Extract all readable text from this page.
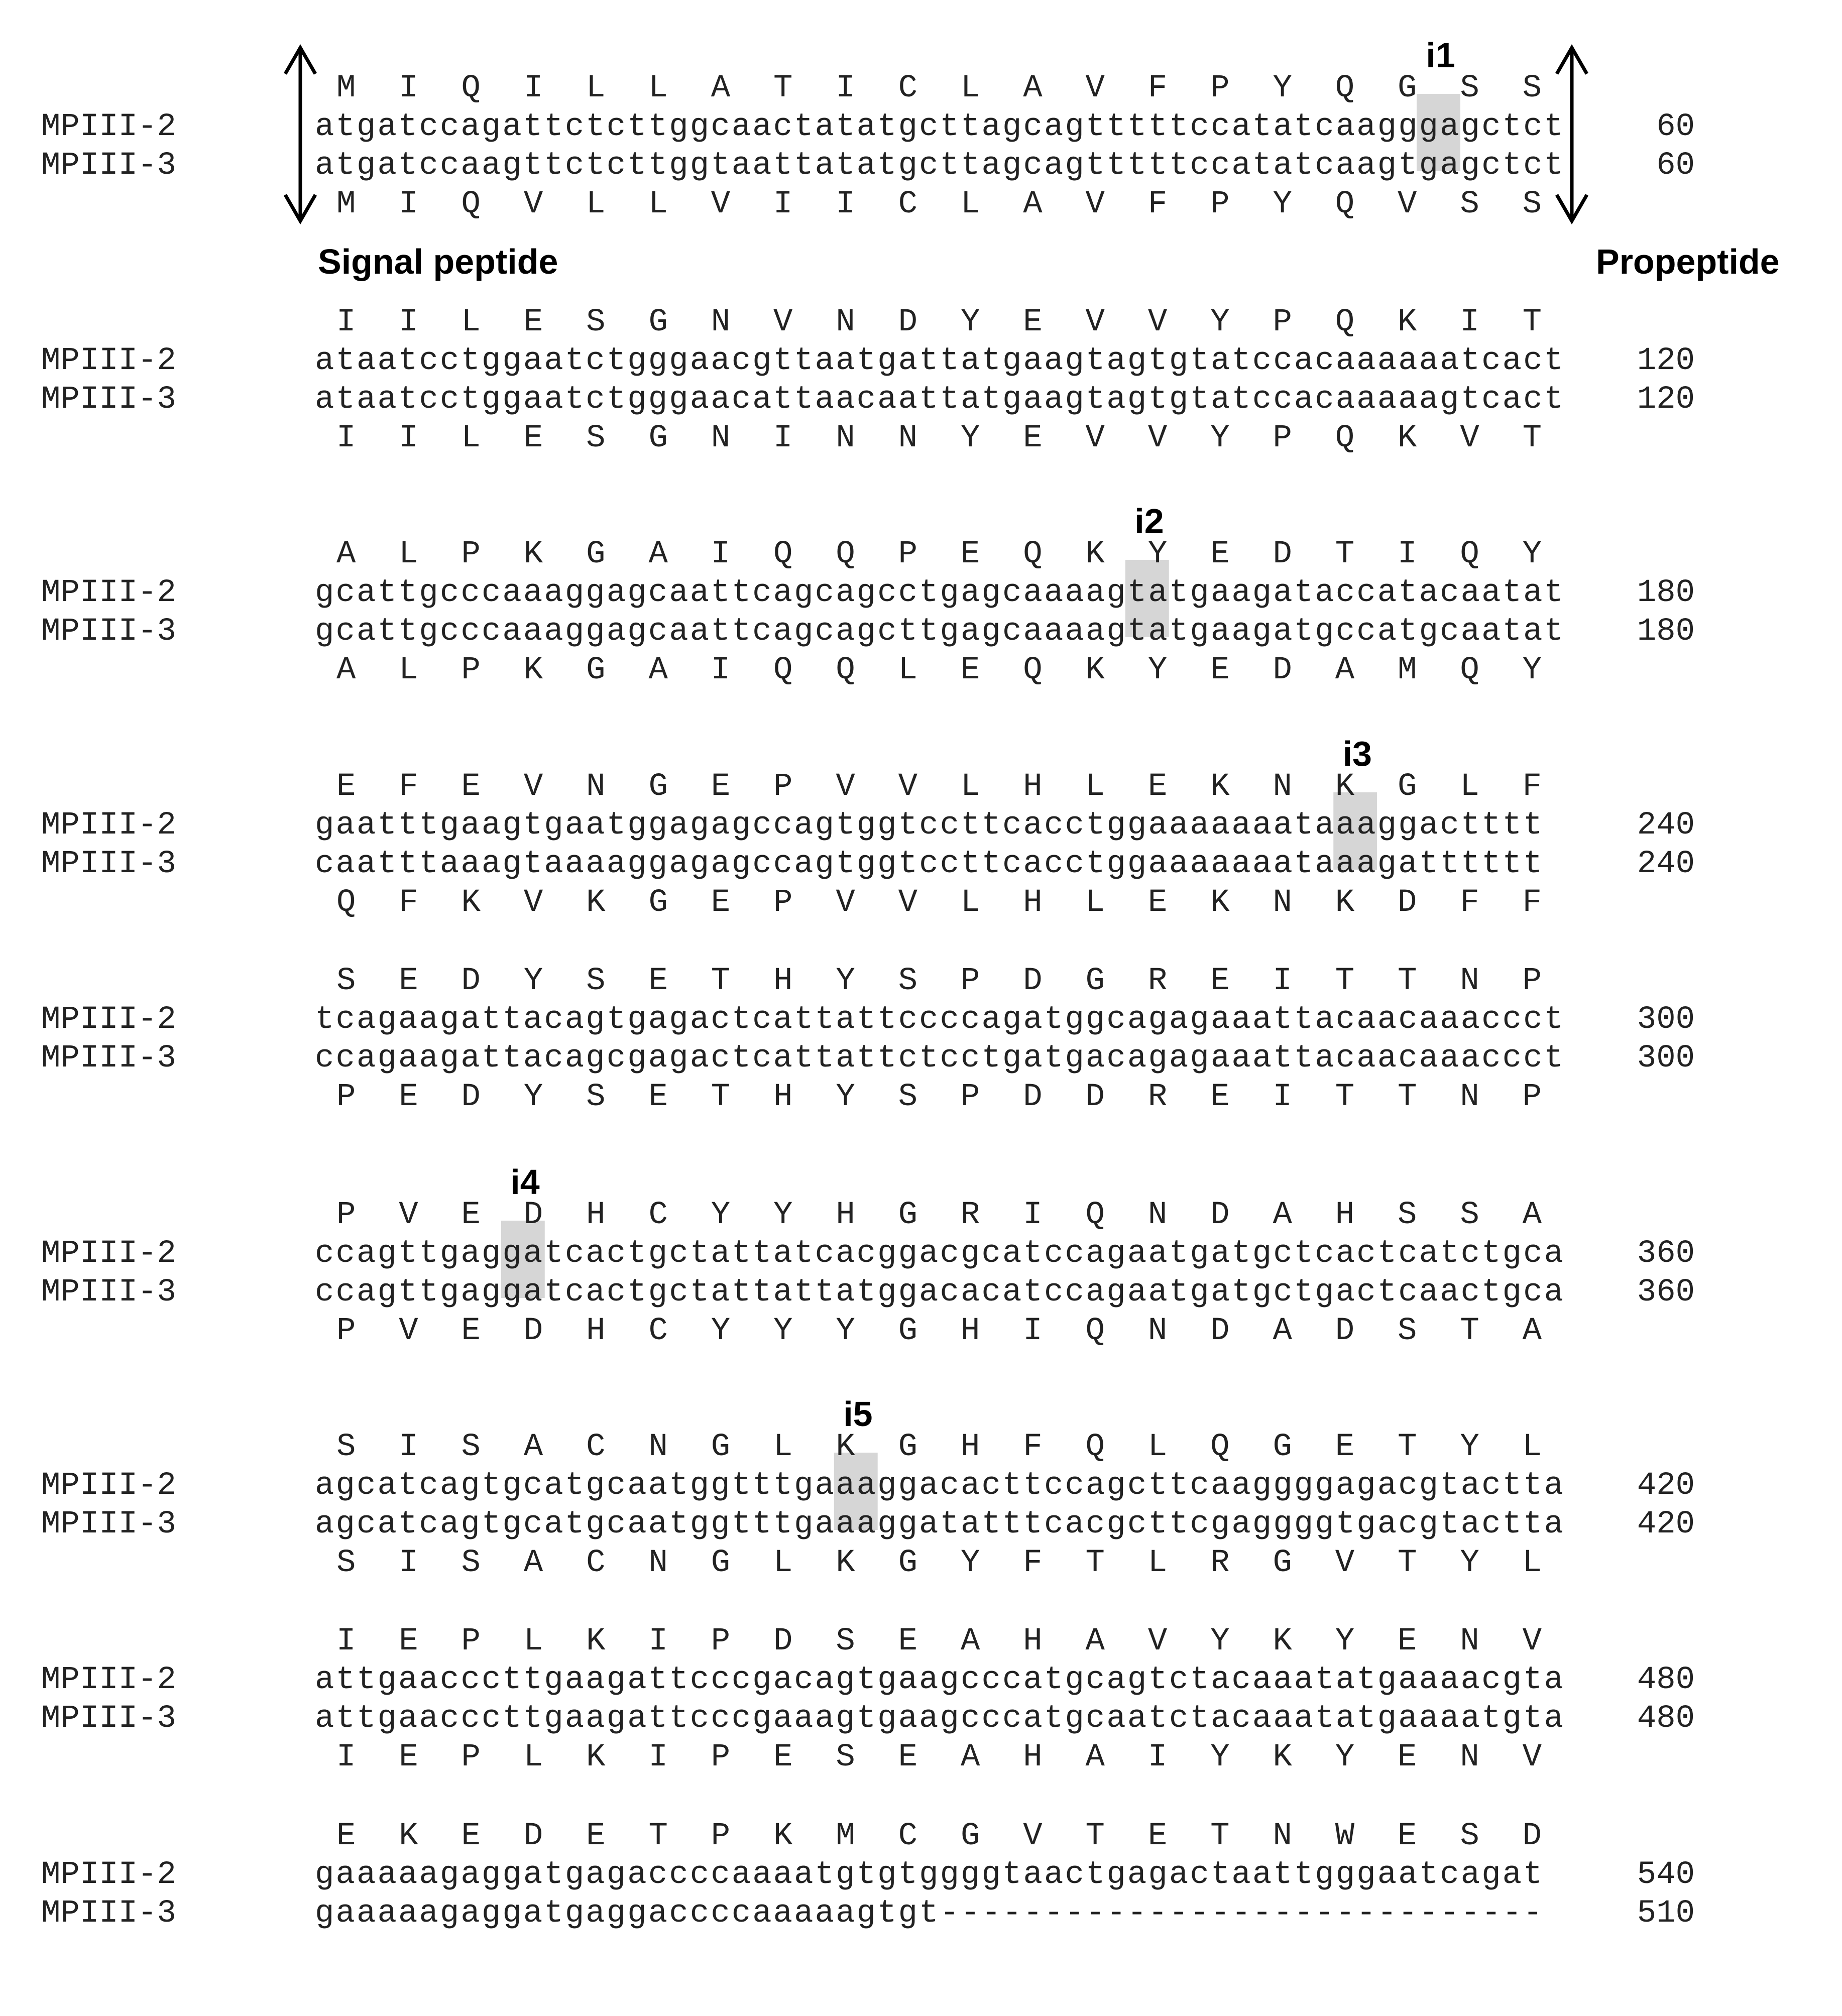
i1
M I Q I L L A T I C L A V F P Y Q G S S
M I Q V L L V I I C L A V F P Y Q V S S
MPIII-2	atgatccagattctcttggcaactatatgcttagcagtttttccatatcaagggagctct	60
MPIII-3	atgatccaagttctcttggtaattatatgcttagcagtttttccatatcaagtgagctct	60
I I L E S G N V N D Y E V V Y P Q K I T
I I L E S G N I N N Y E V V Y P Q K V T
MPIII-2	ataatcctggaatctgggaacgttaatgattatgaagtagtgtatccacaaaaaatcact 120
MPIII-3	ataatcctggaatctgggaacattaacaattatgaagtagtgtatccacaaaaagtcact 120
i2
A L P K G A I Q Q P E Q K Y E D T I Q Y
A L P K G A I Q Q L E Q K Y E D A M Q Y
MPIII-2	gcattgcccaaaggagcaattcagcagcctgagcaaaagtatgaagataccatacaatat 180
MPIII-3	gcattgcccaaaggagcaattcagcagcttgagcaaaagtatgaagatgccatgcaatat 180
i3
E F E V N G E P V V L H L E K N K G L F
Q F K V K G E P V V L H L E K N K D F F
MPIII-2	gaatttgaagtgaatggagagccagtggtccttcacctggaaaaaaataaaggactttt	240
MPIII-3	caatttaaagtaaaaggagagccagtggtccttcacctggaaaaaaataaagatttttt	240
S E D Y S E T H Y S P D G R E I T T N P
P E D Y S E T H Y S P D D R E I T T N P
MPIII-2	tcagaagattacagtgagactcattattccccagatggcagagaaattacaacaaaccct 300
MPIII-3	ccagaagattacagcgagactcattattctcctgatgacagagaaattacaacaaaccct 300
i4
P V E D H C Y Y H G R I Q N D A H S S A
P V E D H C Y Y Y G H I Q N D A D S T A
MPIII-2	ccagttgaggatcactgctattatcacggacgcatccagaatgatgctcactcatctgca 360
MPIII-3	ccagttgaggatcactgctattattatggacacatccagaatgatgctgactcaactgca 360
i5
S I S A C N G L K G H F Q L Q G E T Y L
S I S A C N G L K G Y F T L R G V T Y L
MPIII-2	agcatcagtgcatgcaatggtttgaaaggacacttccagcttcaaggggagacgtactta 420
MPIII-3	agcatcagtgcatgcaatggtttgaaaggatatttcacgcttcgaggggtgacgtactta 420
I E P L K I P D S E A H A V Y K Y E N V
I E P L K I P E S E A H A I Y K Y E N V
MPIII-2	attgaacccttgaagattcccgacagtgaagcccatgcagtctacaaatatgaaaacgta 480
MPIII-3	attgaacccttgaagattcccgaaagtgaagcccatgcaatctacaaatatgaaaatgta 480
E K E D E T P K M C G V T E T N W E S D
MPIII-2	gaaaaagaggatgagaccccaaaatgtgtggggtaactgagactaattgggaatcagat	540
MPIII-3	gaaaaagaggatgaggaccccaaaaagtgt-----------------------------	510
Signal peptide	Propeptide
